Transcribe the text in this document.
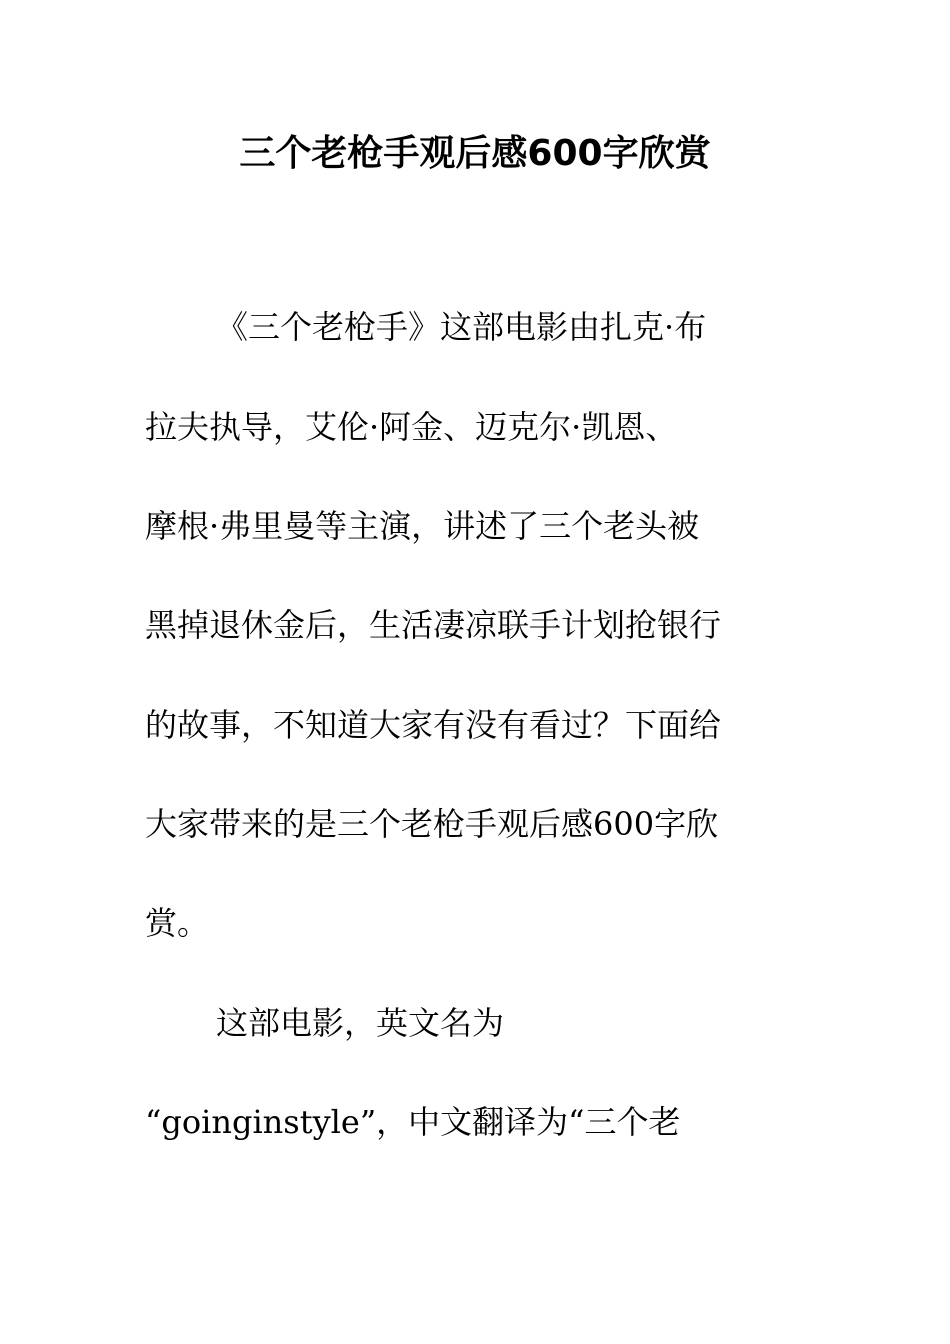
三个老枪手观后感600字欣赏
《三个老枪手》这部电影由扎克·布
拉夫执导，艾伦·阿金、迈克尔·凯恩、
摩根·弗里曼等主演，讲述了三个老头被
黑掉退休金后，生活凄凉联手计划抢银行
的故事，不知道大家有没有看过？下面给
大家带来的是三个老枪手观后感600字欣
赏。
这部电影，英文名为
“goinginstyle”，中文翻译为“三个老
